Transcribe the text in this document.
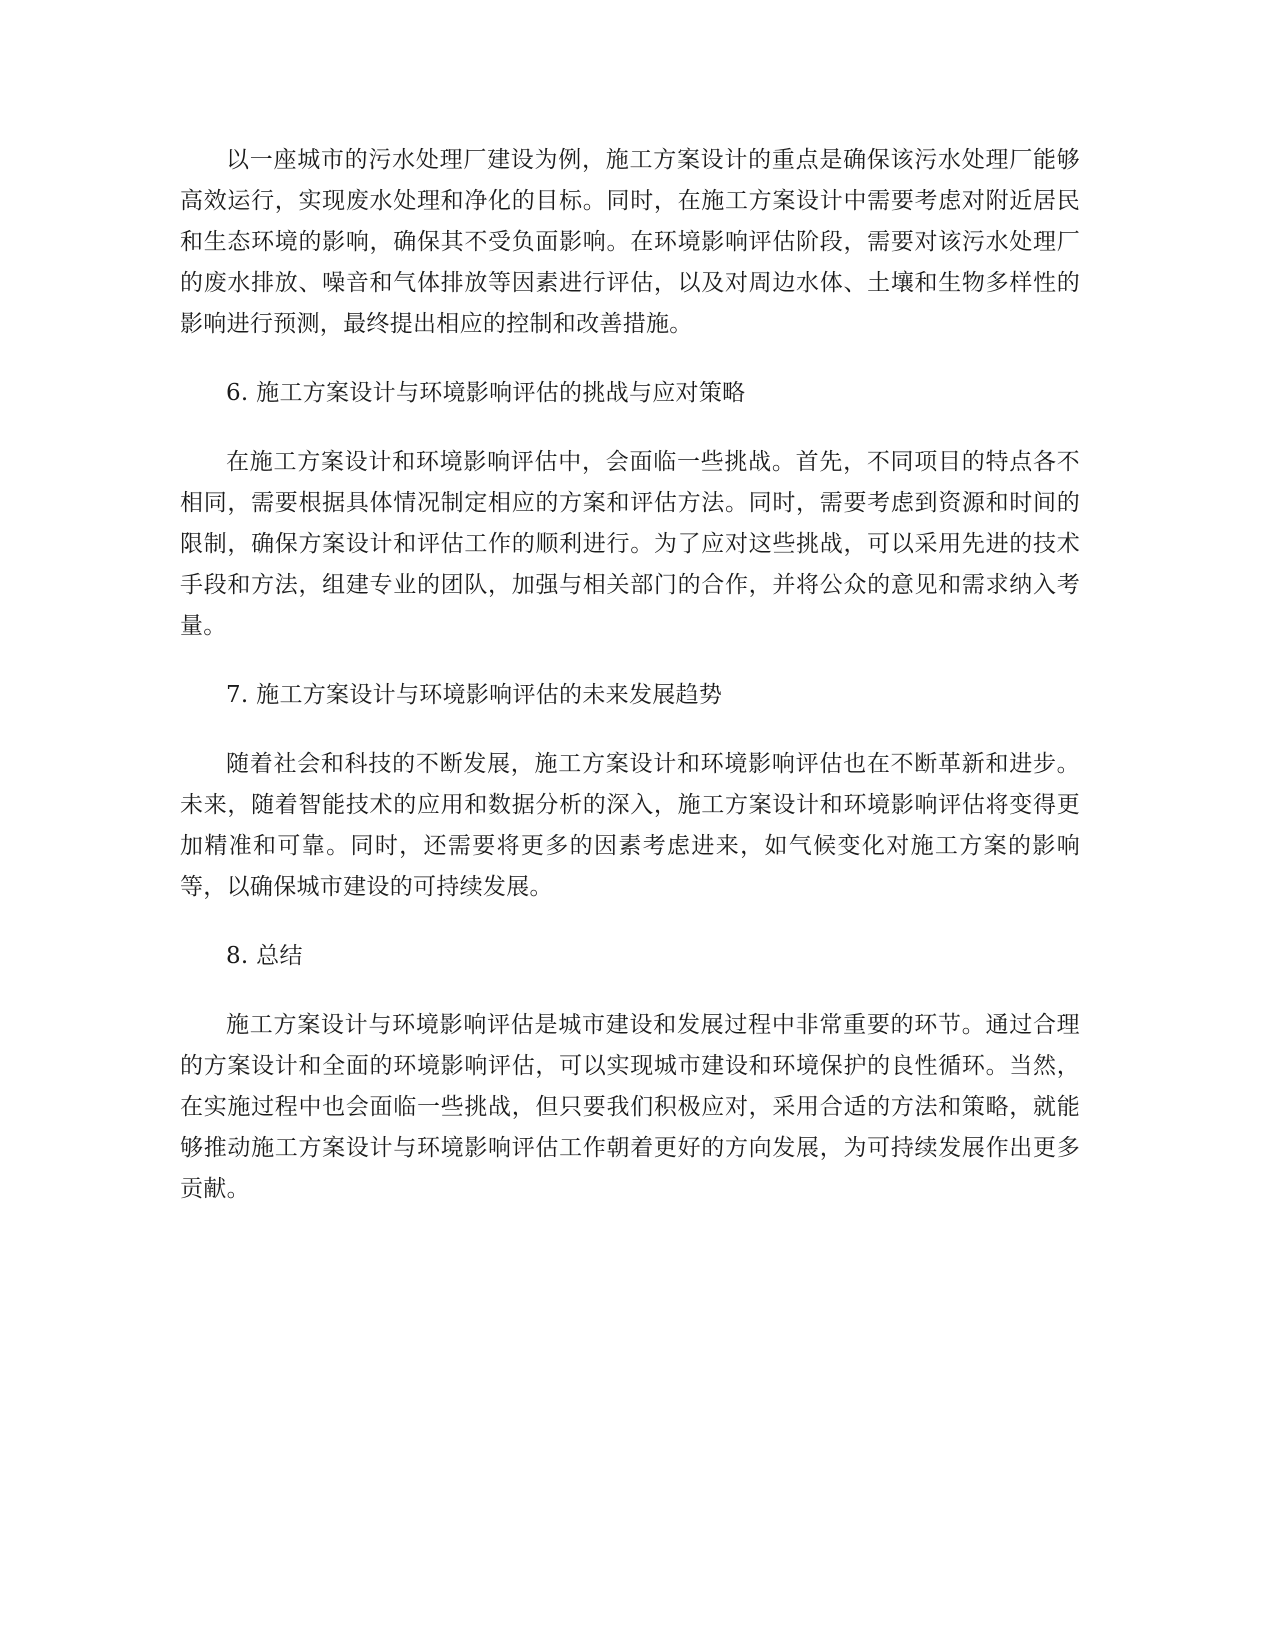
以一座城市的污水处理厂建设为例，施工方案设计的重点是确保该污水处理厂能够高效运行，实现废水处理和净化的目标。同时，在施工方案设计中需要考虑对附近居民和生态环境的影响，确保其不受负面影响。在环境影响评估阶段，需要对该污水处理厂的废水排放、噪音和气体排放等因素进行评估，以及对周边水体、土壤和生物多样性的影响进行预测，最终提出相应的控制和改善措施。

6. 施工方案设计与环境影响评估的挑战与应对策略

在施工方案设计和环境影响评估中，会面临一些挑战。首先，不同项目的特点各不相同，需要根据具体情况制定相应的方案和评估方法。同时，需要考虑到资源和时间的限制，确保方案设计和评估工作的顺利进行。为了应对这些挑战，可以采用先进的技术手段和方法，组建专业的团队，加强与相关部门的合作，并将公众的意见和需求纳入考量。

7. 施工方案设计与环境影响评估的未来发展趋势

随着社会和科技的不断发展，施工方案设计和环境影响评估也在不断革新和进步。未来，随着智能技术的应用和数据分析的深入，施工方案设计和环境影响评估将变得更加精准和可靠。同时，还需要将更多的因素考虑进来，如气候变化对施工方案的影响等，以确保城市建设的可持续发展。

8. 总结

施工方案设计与环境影响评估是城市建设和发展过程中非常重要的环节。通过合理的方案设计和全面的环境影响评估，可以实现城市建设和环境保护的良性循环。当然，在实施过程中也会面临一些挑战，但只要我们积极应对，采用合适的方法和策略，就能够推动施工方案设计与环境影响评估工作朝着更好的方向发展，为可持续发展作出更多贡献。
